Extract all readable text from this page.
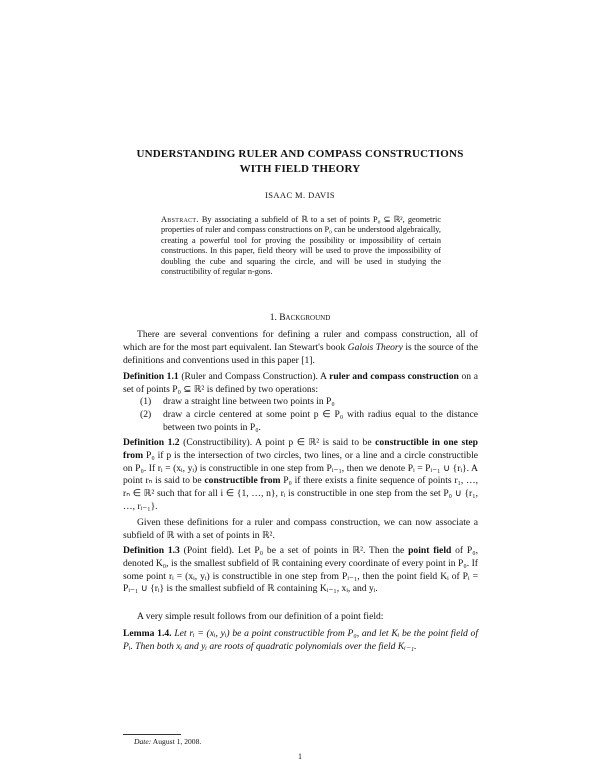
UNDERSTANDING RULER AND COMPASS CONSTRUCTIONS
WITH FIELD THEORY

ISAAC M. DAVIS

Abstract. By associating a subfield of ℝ to a set of points P₀ ⊆ ℝ², geometric properties of ruler and compass constructions on P₀ can be understood algebraically, creating a powerful tool for proving the possibility or impossibility of certain constructions. In this paper, field theory will be used to prove the impossibility of doubling the cube and squaring the circle, and will be used in studying the constructibility of regular n-gons.

1. Background

There are several conventions for defining a ruler and compass construction, all of which are for the most part equivalent. Ian Stewart's book Galois Theory is the source of the definitions and conventions used in this paper [1].

Definition 1.1 (Ruler and Compass Construction). A ruler and compass construction on a set of points P₀ ⊆ ℝ² is defined by two operations:

(1) draw a straight line between two points in P₀
(2) draw a circle centered at some point p ∈ P₀ with radius equal to the distance between two points in P₀.

Definition 1.2 (Constructibility). A point p ∈ ℝ² is said to be constructible in one step from P₀ if p is the intersection of two circles, two lines, or a line and a circle constructible on P₀. If rᵢ = (xᵢ, yᵢ) is constructible in one step from Pᵢ₋₁, then we denote Pᵢ = Pᵢ₋₁ ∪ {rᵢ}. A point rₙ is said to be constructible from P₀ if there exists a finite sequence of points r₁, …, rₙ ∈ ℝ² such that for all i ∈ {1, …, n}, rᵢ is constructible in one step from the set P₀ ∪ {r₁, …, rᵢ₋₁}.

Given these definitions for a ruler and compass construction, we can now associate a subfield of ℝ with a set of points in ℝ².

Definition 1.3 (Point field). Let P₀ be a set of points in ℝ². Then the point field of P₀, denoted K₀, is the smallest subfield of ℝ containing every coordinate of every point in P₀. If some point rᵢ = (xᵢ, yᵢ) is constructible in one step from Pᵢ₋₁, then the point field Kᵢ of Pᵢ = Pᵢ₋₁ ∪ {rᵢ} is the smallest subfield of ℝ containing Kᵢ₋₁, xᵢ, and yᵢ.

A very simple result follows from our definition of a point field:

Lemma 1.4. Let rᵢ = (xᵢ, yᵢ) be a point constructible from P₀, and let Kᵢ be the point field of Pᵢ. Then both xᵢ and yᵢ are roots of quadratic polynomials over the field Kᵢ₋₁.

Date: August 1, 2008.

1
